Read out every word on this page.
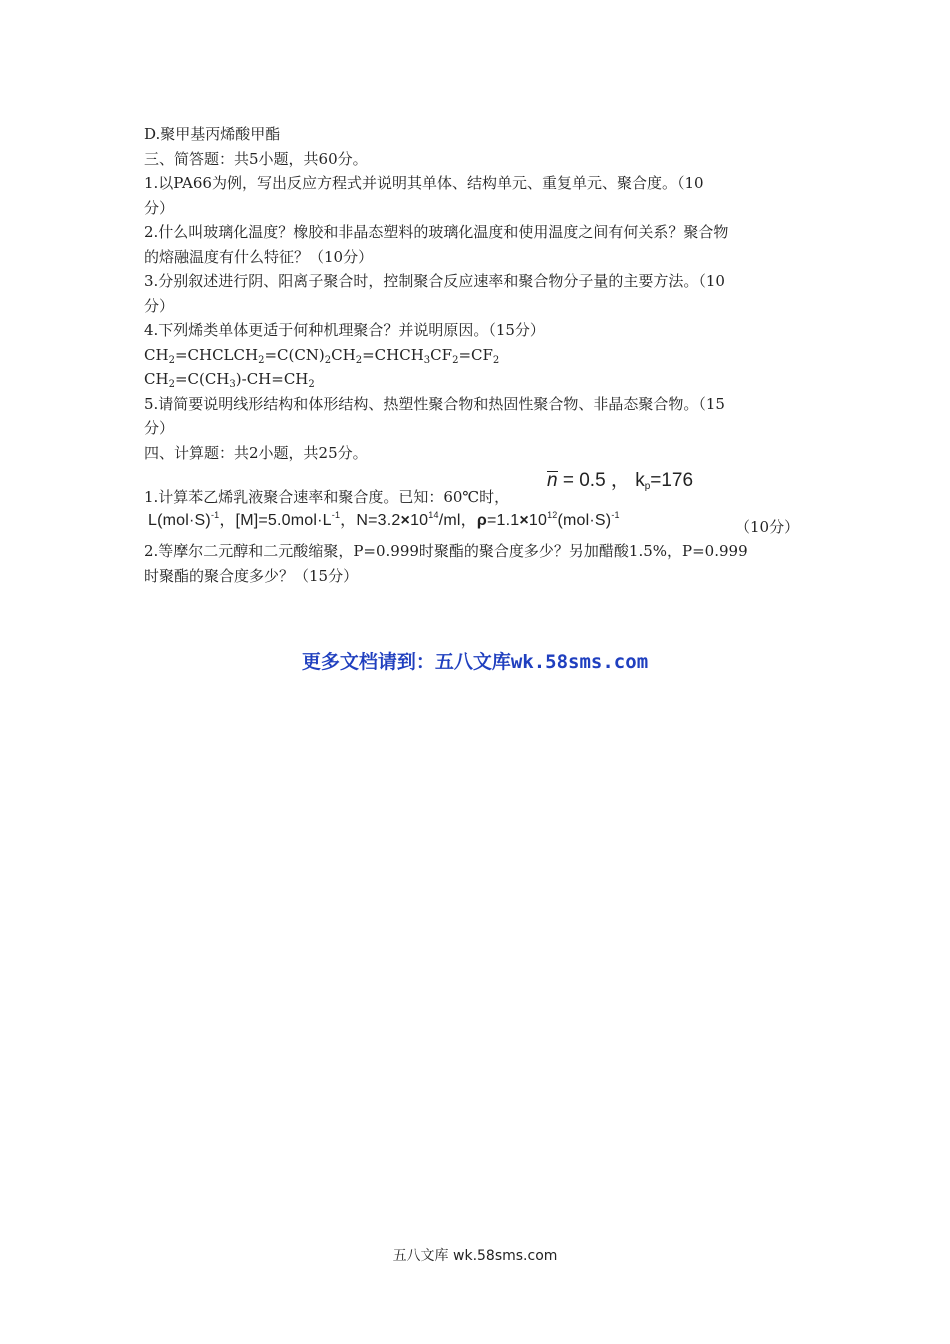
D.聚甲基丙烯酸甲酯
三、简答题：共5小题，共60分。
1.以PA66为例，写出反应方程式并说明其单体、结构单元、重复单元、聚合度。（10
分）
2.什么叫玻璃化温度？橡胶和非晶态塑料的玻璃化温度和使用温度之间有何关系？聚合物
的熔融温度有什么特征？（10分）
3.分别叙述进行阴、阳离子聚合时，控制聚合反应速率和聚合物分子量的主要方法。（10
分）
4.下列烯类单体更适于何种机理聚合？并说明原因。（15分）
$CH_2=CHCLCH_2=C(CN)_2CH_2=CHCH_3CF_2=CF_2$
$CH_2=C(CH_3)-CH=CH_2$
5.请简要说明线形结构和体形结构、热塑性聚合物和热固性聚合物、非晶态聚合物。（15
分）
四、计算题：共2小题，共25分。
1.计算苯乙烯乳液聚合速率和聚合度。已知：60℃时，
n = 0.5 ， $k_p=176$
$L(mol\cdot S)^{-1}$，$[M]=5.0mol\cdot L^{-1}$，$N=3.2\times 10^{14}/ml$，$\rho=1.1\times 10^{12}(mol\cdot S)^{-1}$
（10分）
2.等摩尔二元醇和二元酸缩聚，P=0.999时聚酯的聚合度多少？另加醋酸1.5%，P=0.999
时聚酯的聚合度多少？（15分）
更多文档请到：五八文库wk.58sms.com
五八文库 wk.58sms.com
